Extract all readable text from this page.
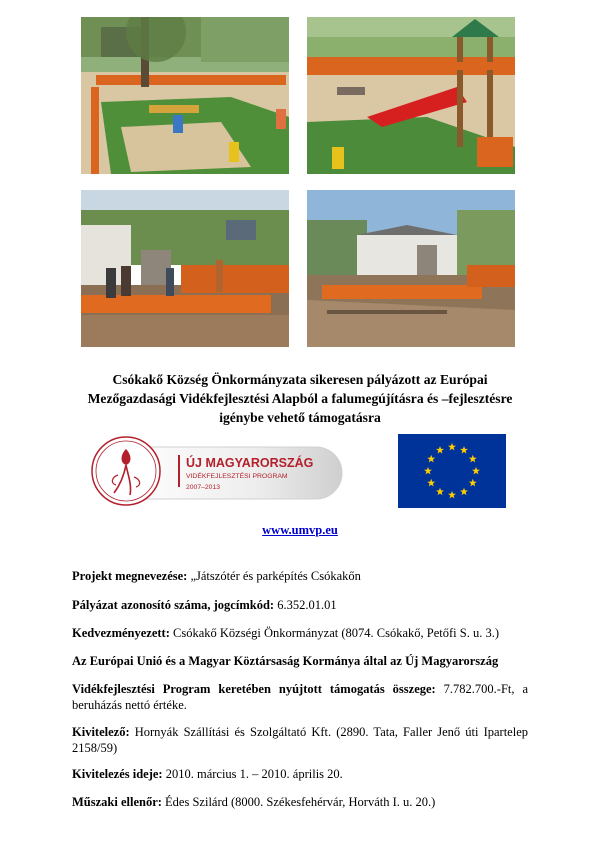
Csókakő Község Önkormányzata sikeresen pályázott az Európai
Mezőgazdasági Vidékfejlesztési Alapból a falumegújításra és –fejlesztésre
igénybe vehető támogatásra
ÚJ MAGYARORSZÁG
VIDÉKFEJLESZTÉSI PROGRAM
2007–2013
www.umvp.eu
Projekt megnevezése: „Játszótér és parképítés Csókakőn
Pályázat azonosító száma, jogcímkód: 6.352.01.01
Kedvezményezett: Csókakő Községi Önkormányzat (8074. Csókakő, Petőfi S. u. 3.)
Az Európai Unió és a Magyar Köztársaság Kormánya által az Új Magyarország
Vidékfejlesztési Program keretében nyújtott támogatás összege: 7.782.700.-Ft, a beruházás nettó értéke.
Kivitelező: Hornyák Szállítási és Szolgáltató Kft. (2890. Tata, Faller Jenő úti Ipartelep 2158/59)
Kivitelezés ideje: 2010. március 1. – 2010. április 20.
Műszaki ellenőr: Édes Szilárd (8000. Székesfehérvár, Horváth I. u. 20.)
